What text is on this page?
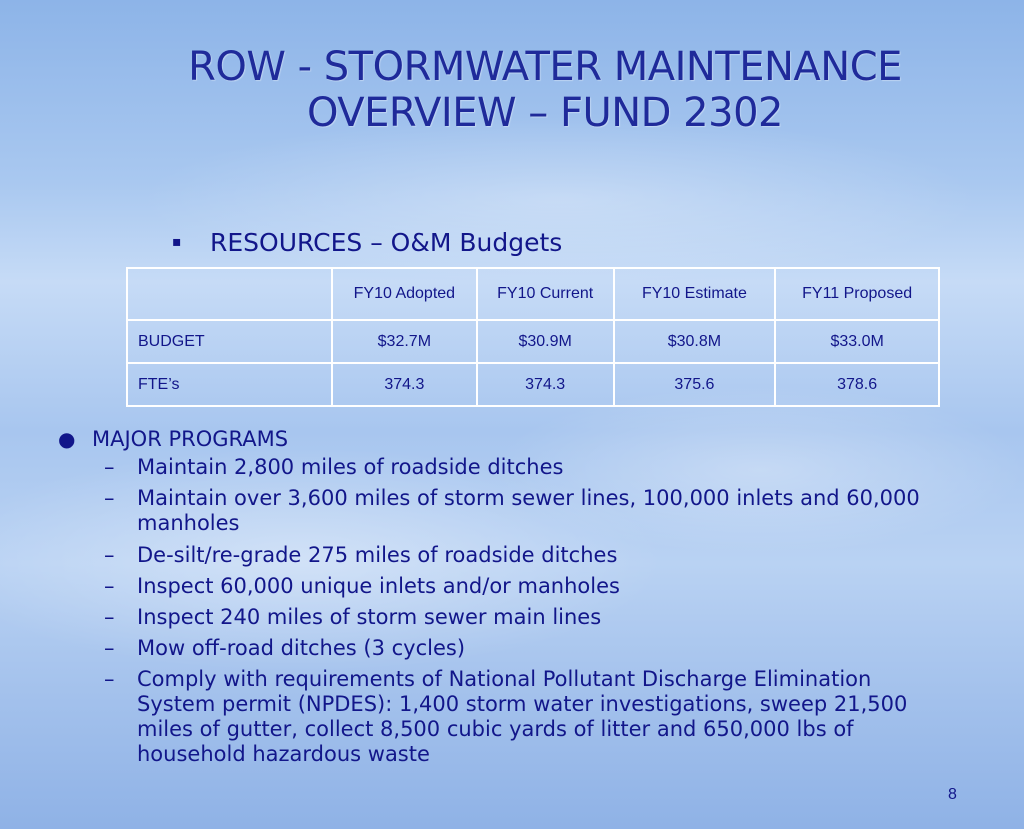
ROW - STORMWATER MAINTENANCE
OVERVIEW – FUND 2302
▪ RESOURCES – O&M Budgets
	FY10 Adopted	FY10 Current	FY10 Estimate	FY11 Proposed
BUDGET	$32.7M	$30.9M	$30.8M	$33.0M
FTE’s	374.3	374.3	375.6	378.6
● MAJOR PROGRAMS
– Maintain 2,800 miles of roadside ditches
– Maintain over 3,600 miles of storm sewer lines, 100,000 inlets and 60,000 manholes
– De-silt/re-grade 275 miles of roadside ditches
– Inspect 60,000 unique inlets and/or manholes
– Inspect 240 miles of storm sewer main lines
– Mow off-road ditches (3 cycles)
– Comply with requirements of National Pollutant Discharge Elimination System permit (NPDES): 1,400 storm water investigations, sweep 21,500 miles of gutter, collect 8,500 cubic yards of litter and 650,000 lbs of household hazardous waste
8
